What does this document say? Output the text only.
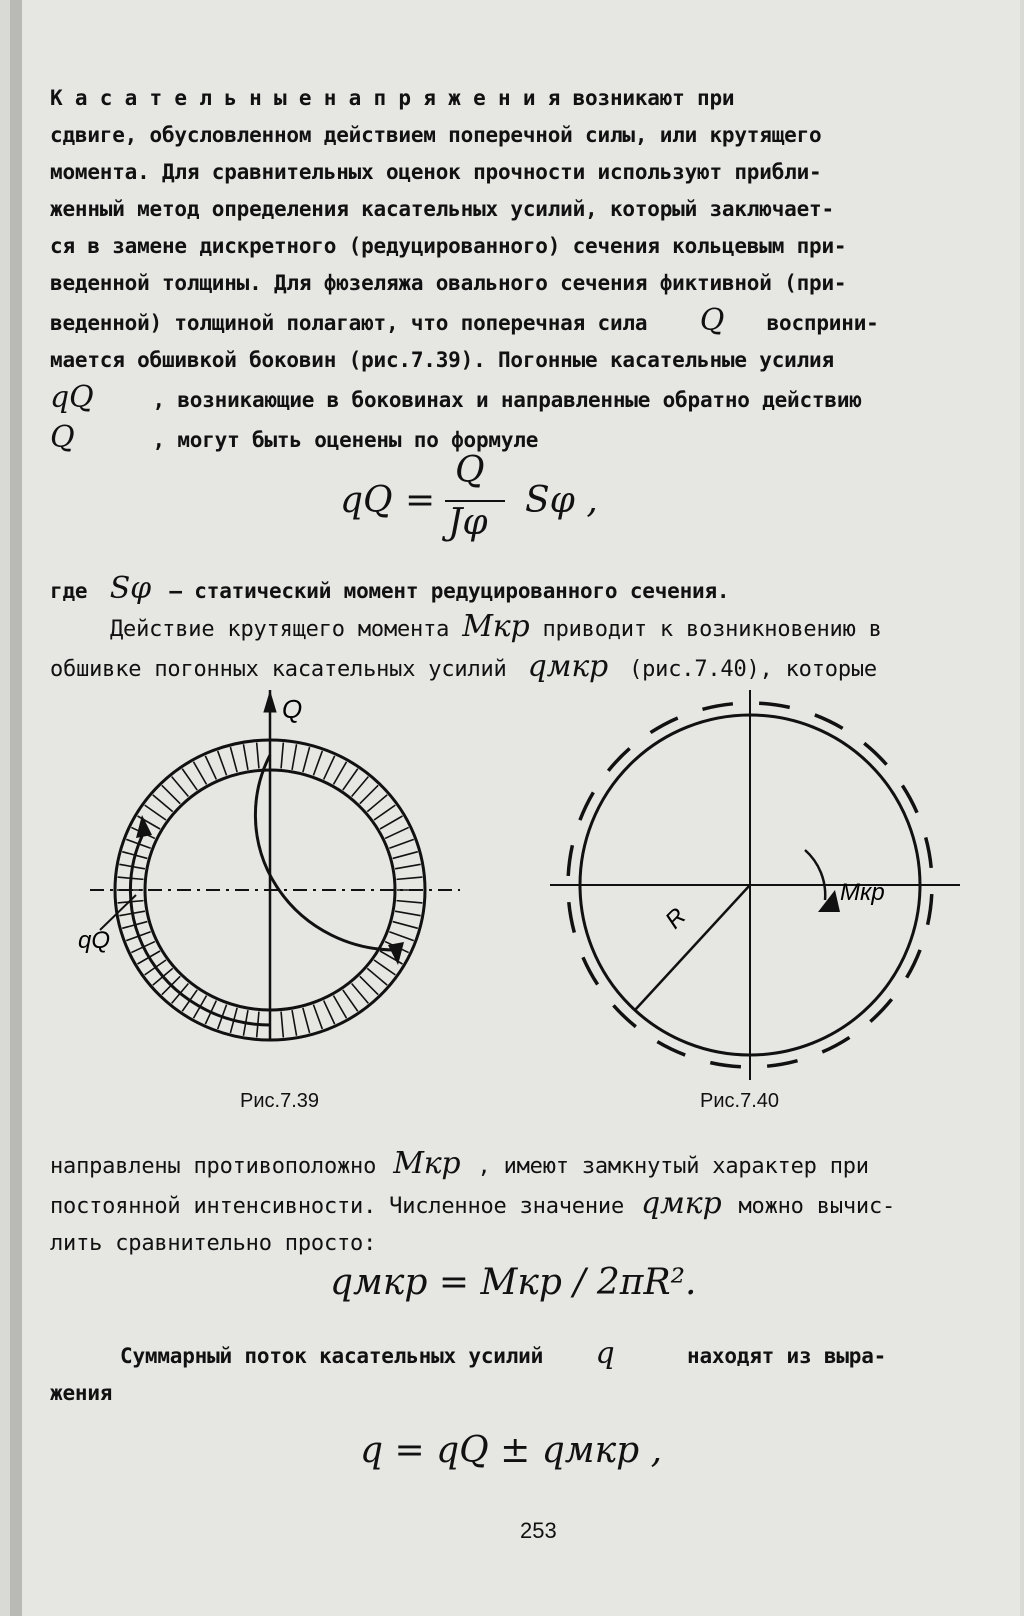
К а с а т е л ь н ы е н а п р я ж е н и я возникают при
сдвиге, обусловленном действием поперечной силы, или крутящего
момента. Для сравнительных оценок прочности используют прибли-
женный метод определения касательных усилий, который заключает-
ся в замене дискретного (редуцированного) сечения кольцевым при-
веденной толщины. Для фюзеляжа овального сечения фиктивной (при-
веденной) толщиной полагают, что поперечная сила Q восприни-
мается обшивкой боковин (рис.7.39). Погонные касательные усилия
qQ	, возникающие в боковинах и направленные обратно действию
Q	, могут быть оценены по формуле
qQ =
Q
Jφ
Sφ ,
где Sφ – статический момент редуцированного сечения.
Действие крутящего момента Mкр приводит к возникновению в
обшивке погонных касательных усилий qмкр (рис.7.40), которые
Q
qQ
Рис.7.39
R
Mкр
Рис.7.40
направлены противоположно Mкр , имеют замкнутый характер при
постоянной интенсивности. Численное значение qмкр можно вычис-
лить сравнительно просто:
qмкр = Mкр / 2πR².
Суммарный поток касательных усилий q	находят из выра-
жения
q = qQ ± qмкр ,
253
